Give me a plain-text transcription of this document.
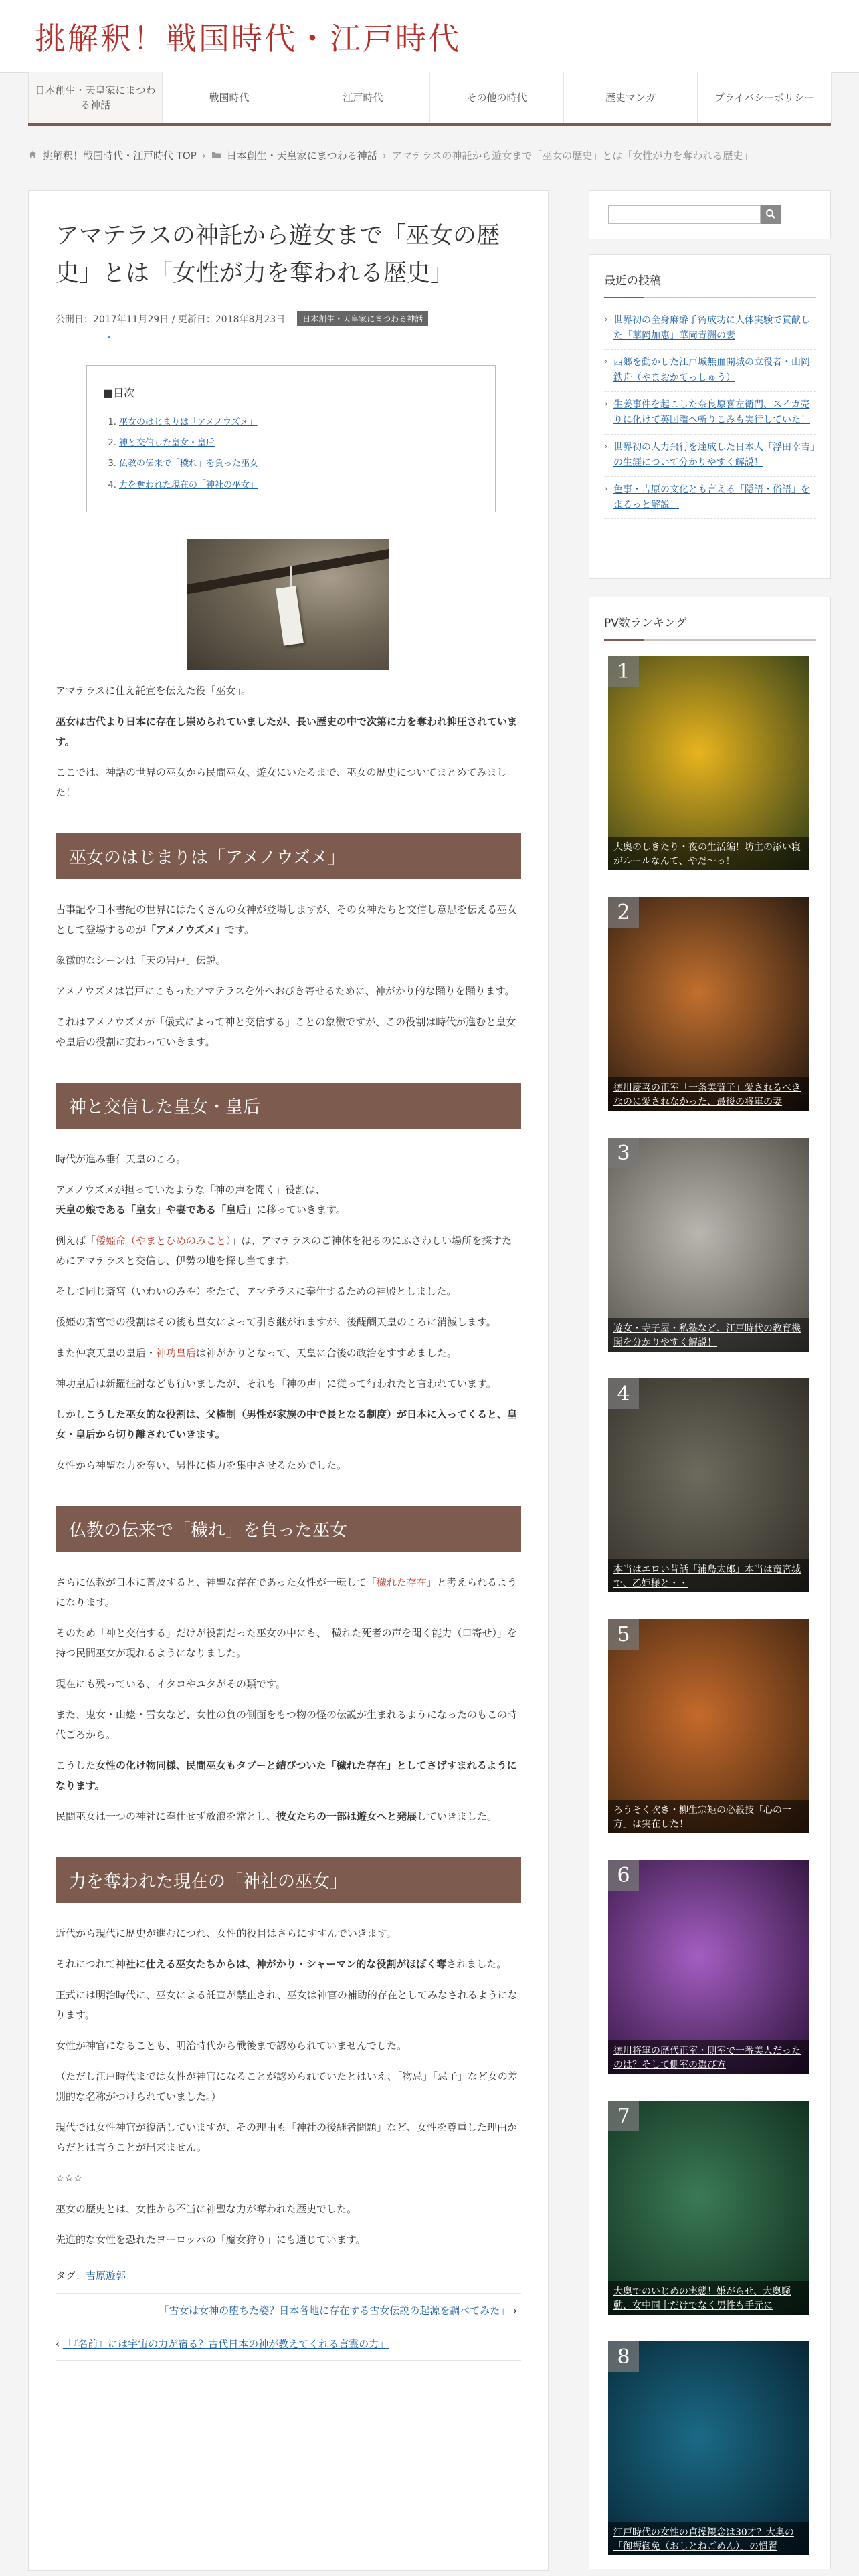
挑解釈！戦国時代・江戸時代
日本創生・天皇家にまつわる神話
戦国時代	江戸時代	その他の時代	歴史マンガ	プライバシーポリシー
挑解釈！戦国時代・江戸時代 TOP › 日本創生・天皇家にまつわる神話 › アマテラスの神託から遊女まで「巫女の歴史」とは「女性が力を奪われる歴史」
アマテラスの神託から遊女まで「巫女の歴史」とは「女性が力を奪われる歴史」
公開日：2017年11月29日 / 更新日：2018年8月23日	日本創生・天皇家にまつわる神話
■目次
1. 巫女のはじまりは「アメノウズメ」
2. 神と交信した皇女・皇后
3. 仏教の伝来で「穢れ」を負った巫女
4. 力を奪われた現在の「神社の巫女」

アマテラスに仕え託宣を伝えた役「巫女」。

巫女は古代より日本に存在し崇められていましたが、長い歴史の中で次第に力を奪われ抑圧されています。

ここでは、神話の世界の巫女から民間巫女、遊女にいたるまで、巫女の歴史についてまとめてみました！

巫女のはじまりは「アメノウズメ」

古事記や日本書紀の世界にはたくさんの女神が登場しますが、その女神たちと交信し意思を伝える巫女として登場するのが「アメノウズメ」です。

象徴的なシーンは「天の岩戸」伝説。

アメノウズメは岩戸にこもったアマテラスを外へおびき寄せるために、神がかり的な踊りを踊ります。

これはアメノウズメが「儀式によって神と交信する」ことの象徴ですが、この役割は時代が進むと皇女や皇后の役割に変わっていきます。

神と交信した皇女・皇后

時代が進み垂仁天皇のころ。

アメノウズメが担っていたような「神の声を聞く」役割は、天皇の娘である「皇女」や妻である「皇后」に移っていきます。

例えば「倭姫命（やまとひめのみこと）」は、アマテラスのご神体を祀るのにふさわしい場所を探すためにアマテラスと交信し、伊勢の地を探し当てます。

そして同じ斎宮（いわいのみや）をたて、アマテラスに奉仕するための神殿としました。

倭姫の斎宮での役割はその後も皇女によって引き継がれますが、後醍醐天皇のころに消滅します。

また仲哀天皇の皇后・神功皇后は神がかりとなって、天皇に合後の政治をすすめました。

神功皇后は新羅征討なども行いましたが、それも「神の声」に従って行われたと言われています。

しかしこうした巫女的な役割は、父権制（男性が家族の中で長となる制度）が日本に入ってくると、皇女・皇后から切り離されていきます。

女性から神聖な力を奪い、男性に権力を集中させるためでした。

仏教の伝来で「穢れ」を負った巫女

さらに仏教が日本に普及すると、神聖な存在であった女性が一転して「穢れた存在」と考えられるようになります。

そのため「神と交信する」だけが役割だった巫女の中にも、「穢れた死者の声を聞く能力（口寄せ）」を持つ民間巫女が現れるようになりました。

現在にも残っている、イタコやユタがその類です。

また、鬼女・山姥・雪女など、女性の負の側面をもつ物の怪の伝説が生まれるようになったのもこの時代ごろから。

こうした女性の化け物同様、民間巫女もタブーと結びついた「穢れた存在」としてさげすまれるようになります。

民間巫女は一つの神社に奉仕せず放浪を常とし、彼女たちの一部は遊女へと発展していきました。

力を奪われた現在の「神社の巫女」

近代から現代に歴史が進むにつれ、女性的役目はさらにすすんでいきます。

それにつれて神社に仕える巫女たちからは、神がかり・シャーマン的な役割がほぼく奪されました。

正式には明治時代に、巫女による託宣が禁止され、巫女は神官の補助的存在としてみなされるようになります。

女性が神官になることも、明治時代から戦後まで認められていませんでした。

（ただし江戸時代までは女性が神官になることが認められていたとはいえ、「物忌」「忌子」など女の差別的な名称がつけられていました。）

現代では女性神官が復活していますが、その理由も「神社の後継者問題」など、女性を尊重した理由からだとは言うことが出来ません。

☆☆☆

巫女の歴史とは、女性から不当に神聖な力が奪われた歴史でした。

先進的な女性を恐れたヨーロッパの「魔女狩り」にも通じています。

タグ：吉原遊郭
「雪女は女神の堕ちた姿？日本各地に存在する雪女伝説の起源を調べてみた」 ›
‹ 「『名前』には宇宙の力が宿る？古代日本の神が教えてくれる言霊の力」
最近の投稿
› 世界初の全身麻酔手術成功に人体実験で貢献した「華岡加恵」華岡青洲の妻
› 西郷を動かした江戸城無血開城の立役者・山岡鉄舟（やまおかてっしゅう）
› 生姜事件を起こした奈良原喜左衛門、スイカ売りに化けて英国艦へ斬りこみも実行していた！
› 世界初の人力飛行を達成した日本人「浮田幸吉」の生涯について分かりやすく解説！
› 色事・吉原の文化とも言える「隠語・俗語」をまるっと解説！
PV数ランキング
1
大奥のしきたり・夜の生活編！坊主の添い寝がルールなんて、やだ〜っ！
2
徳川慶喜の正室「一条美賀子」愛されるべきなのに愛されなかった、最後の将軍の妻
3
遊女・寺子屋・私塾など、江戸時代の教育機関を分かりやすく解説！
4
本当はエロい昔話「浦島太郎」本当は竜宮城で、乙姫様と・・
5
ろうそく吹き・柳生宗矩の必殺技「心の一方」は実在した！
6
徳川将軍の歴代正室・側室で一番美人だったのは？そして側室の選び方
7
大奥でのいじめの実態！嫌がらせ、大奥騒動、女中同士だけでなく男性も手元に
8
江戸時代の女性の貞操観念は30才？大奥の「御褥御免（おしとねごめん）」の慣習
